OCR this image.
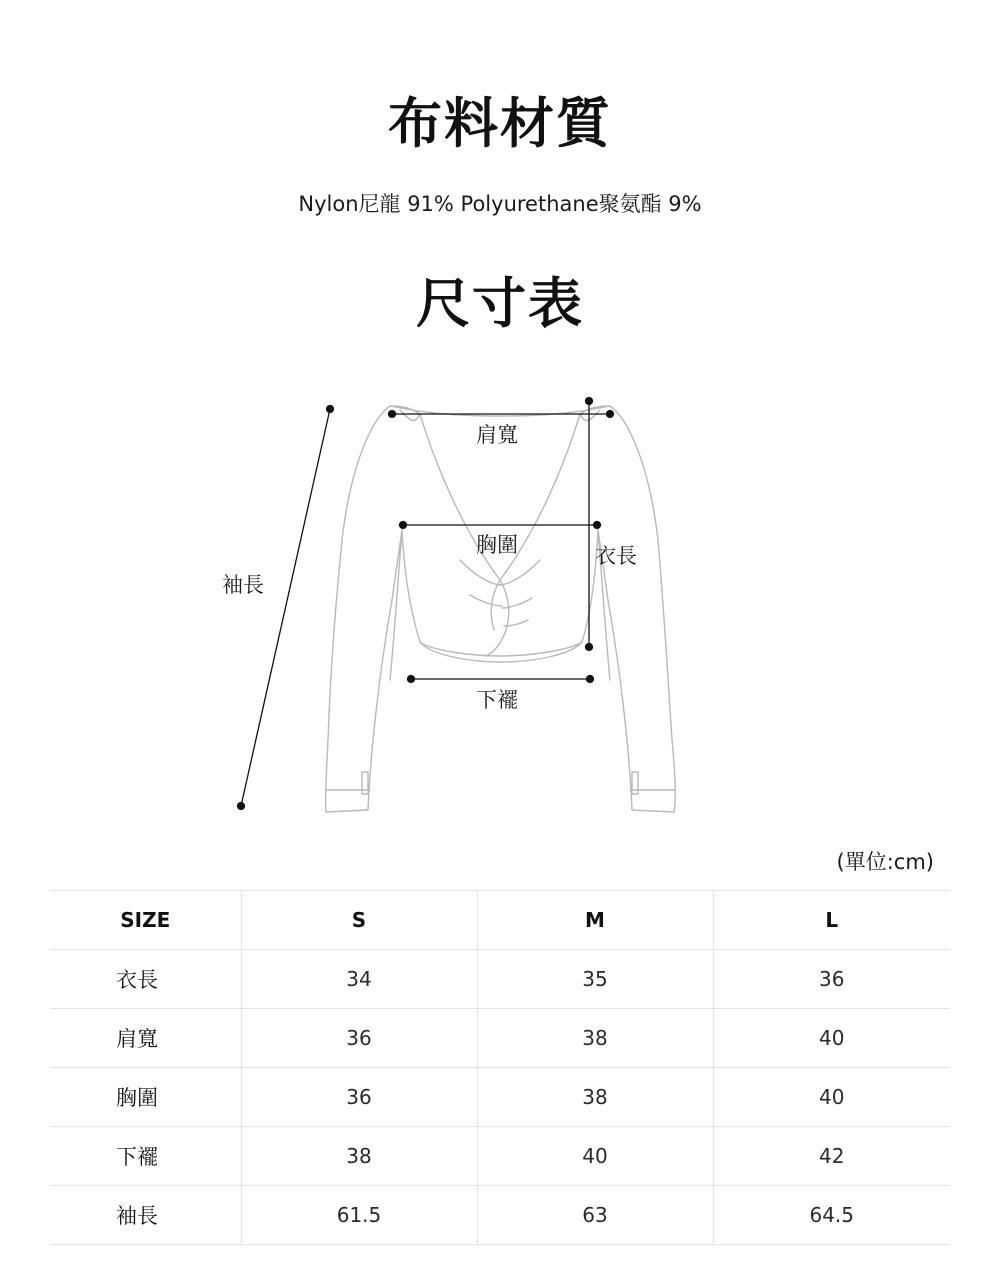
布料材質
Nylon尼龍 91% Polyurethane聚氨酯 9%
尺寸表
肩寬
胸圍	衣長
袖長
下襬
(單位:cm)
SIZE	S	M	L
衣長	34	35	36
肩寬	36	38	40
胸圍	36	38	40
下襬	38	40	42
袖長	61.5	63	64.5
